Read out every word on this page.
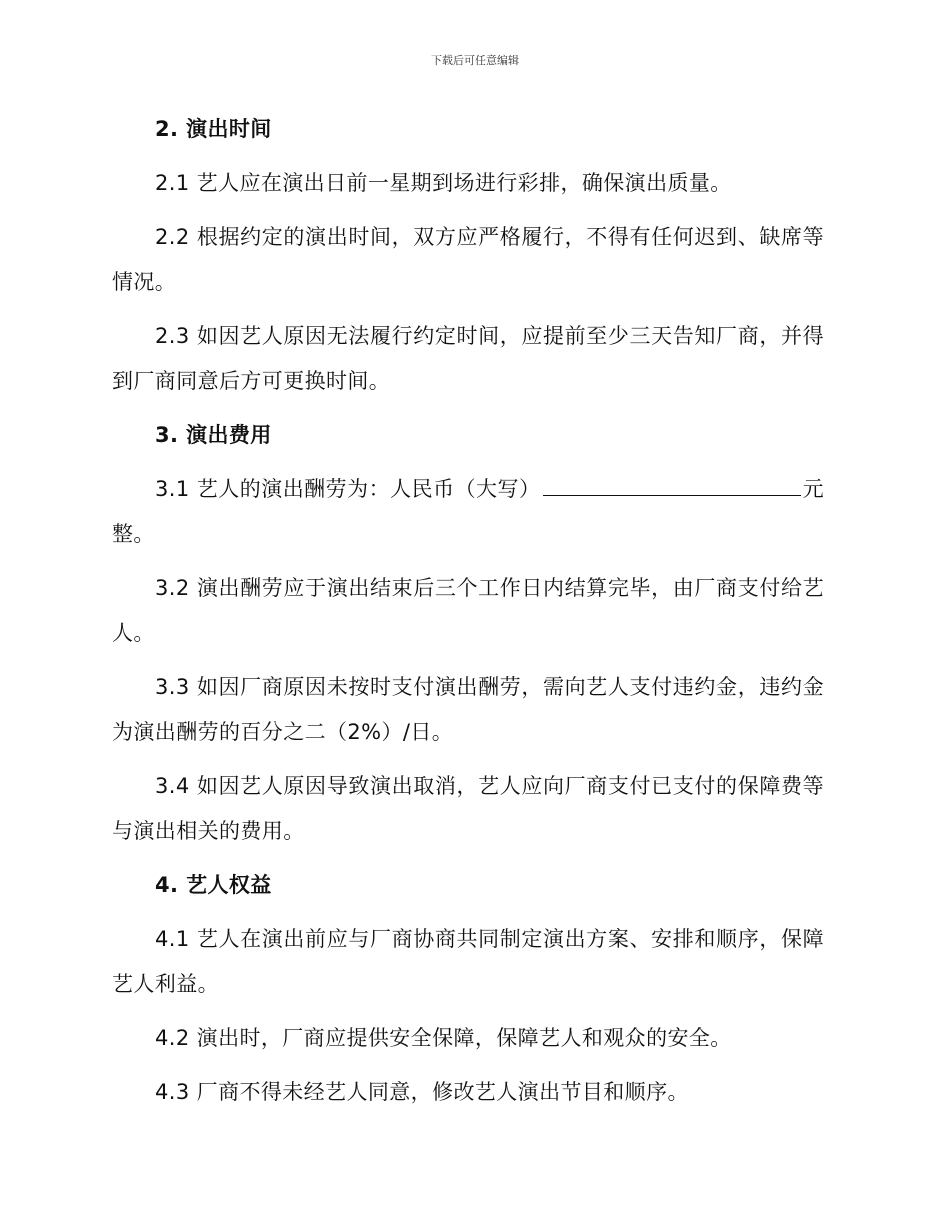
下载后可任意编辑

2. 演出时间

2.1 艺人应在演出日前一星期到场进行彩排，确保演出质量。

2.2 根据约定的演出时间，双方应严格履行，不得有任何迟到、缺席等情况。

2.3 如因艺人原因无法履行约定时间，应提前至少三天告知厂商，并得到厂商同意后方可更换时间。

3. 演出费用

3.1 艺人的演出酬劳为：人民币（大写）	元整。

3.2 演出酬劳应于演出结束后三个工作日内结算完毕，由厂商支付给艺人。

3.3 如因厂商原因未按时支付演出酬劳，需向艺人支付违约金，违约金为演出酬劳的百分之二（2%）/日。

3.4 如因艺人原因导致演出取消，艺人应向厂商支付已支付的保障费等与演出相关的费用。

4. 艺人权益

4.1 艺人在演出前应与厂商协商共同制定演出方案、安排和顺序，保障艺人利益。

4.2 演出时，厂商应提供安全保障，保障艺人和观众的安全。

4.3 厂商不得未经艺人同意，修改艺人演出节目和顺序。
